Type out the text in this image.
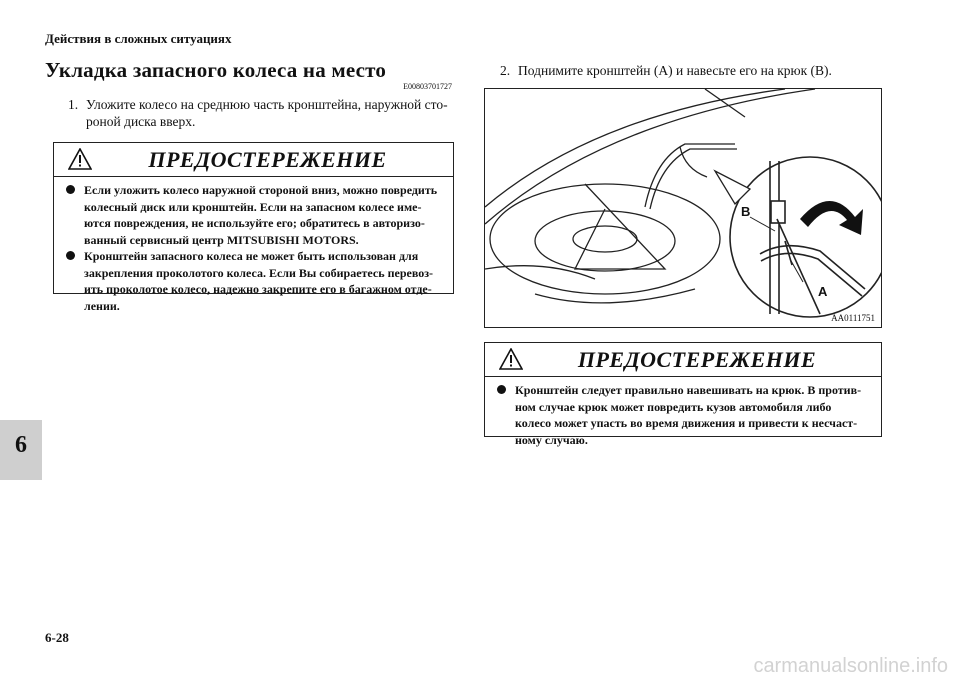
Действия в сложных ситуациях
Укладка запасного колеса на место
E00803701727
1. Уложите колесо на среднюю часть кронштейна, наружной сто-
роной диска вверх.
2. Поднимите кронштейн (A) и навесьте его на крюк (B).
ПРЕДОСТЕРЕЖЕНИЕ
Если уложить колесо наружной стороной вниз, можно повредить колесный диск или кронштейн. Если на запасном колесе име-ются повреждения, не используйте его; обратитесь в авторизо-ванный сервисный центр MITSUBISHI MOTORS.
Кронштейн запасного колеса не может быть использован для закрепления проколотого колеса. Если Вы собираетесь перевоз-ить проколотое колесо, надежно закрепите его в багажном отде-лении.
B
A
AA0111751
ПРЕДОСТЕРЕЖЕНИЕ
Кронштейн следует правильно навешивать на крюк. В против-ном случае крюк может повредить кузов автомобиля либо колесо может упасть во время движения и привести к несчаст-ному случаю.
6
6-28
carmanualsonline.info
